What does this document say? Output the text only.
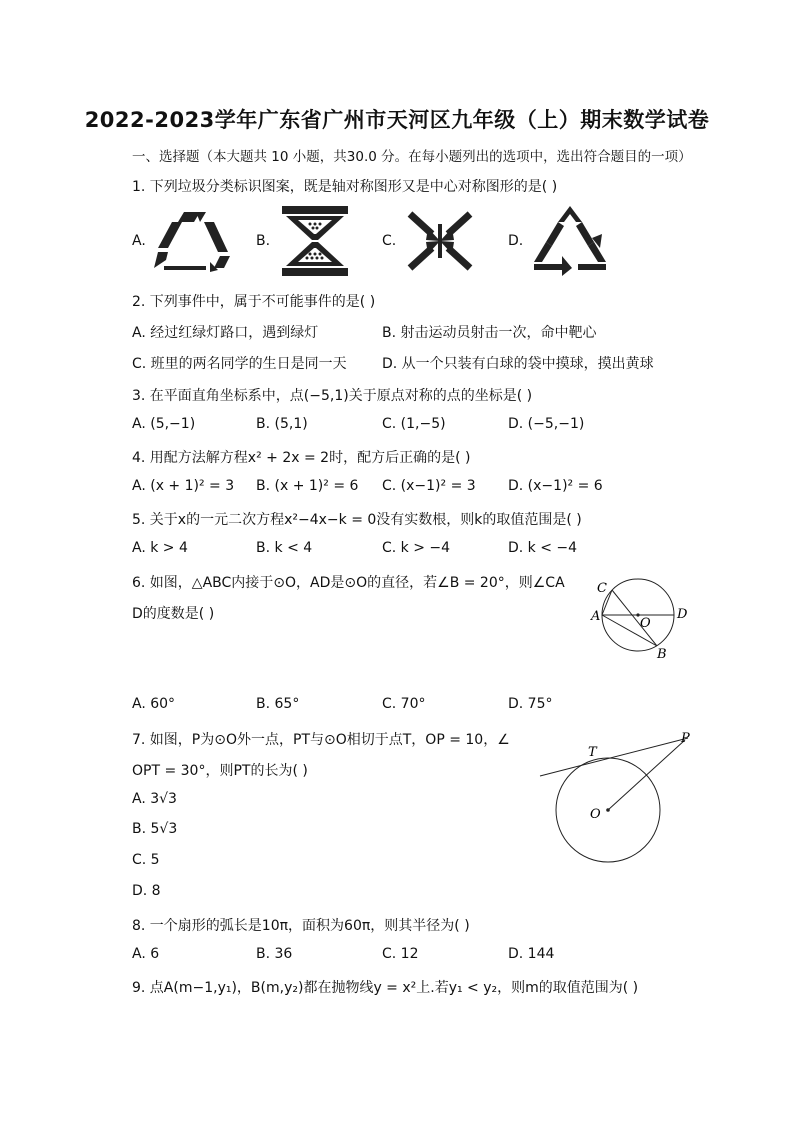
2022-2023学年广东省广州市天河区九年级（上）期末数学试卷
一、选择题（本大题共 10 小题，共30.0 分。在每小题列出的选项中，选出符合题目的一项）
1. 下列垃圾分类标识图案，既是轴对称图形又是中心对称图形的是( )
A.	B.	C.	D.
2. 下列事件中，属于不可能事件的是( )
A. 经过红绿灯路口，遇到绿灯	B. 射击运动员射击一次，命中靶心
C. 班里的两名同学的生日是同一天	D. 从一个只装有白球的袋中摸球，摸出黄球
3. 在平面直角坐标系中，点(−5,1)关于原点对称的点的坐标是( )
A. (5,−1)	B. (5,1)	C. (1,−5)	D. (−5,−1)
4. 用配方法解方程x² + 2x = 2时，配方后正确的是( )
A. (x + 1)² = 3 B. (x + 1)² = 6 C. (x−1)² = 3 D. (x−1)² = 6
5. 关于x的一元二次方程x²−4x−k = 0没有实数根，则k的取值范围是( )
A. k > 4	B. k < 4	C. k > −4	D. k < −4
6. 如图，△ABC内接于⊙O，AD是⊙O的直径，若∠B = 20°，则∠CA
D的度数是( )	A
C
D
O
B
A. 60°	B. 65°	C. 70°	D. 75°
7. 如图，P为⊙O外一点，PT与⊙O相切于点T，OP = 10，∠
OPT = 30°，则PT的长为( )
T
P
O
A. 3√3
B. 5√3
C. 5
D. 8
8. 一个扇形的弧长是10π，面积为60π，则其半径为( )
A. 6	B. 36	C. 12	D. 144
9. 点A(m−1,y₁)，B(m,y₂)都在抛物线y = x²上.若y₁ < y₂，则m的取值范围为( )
